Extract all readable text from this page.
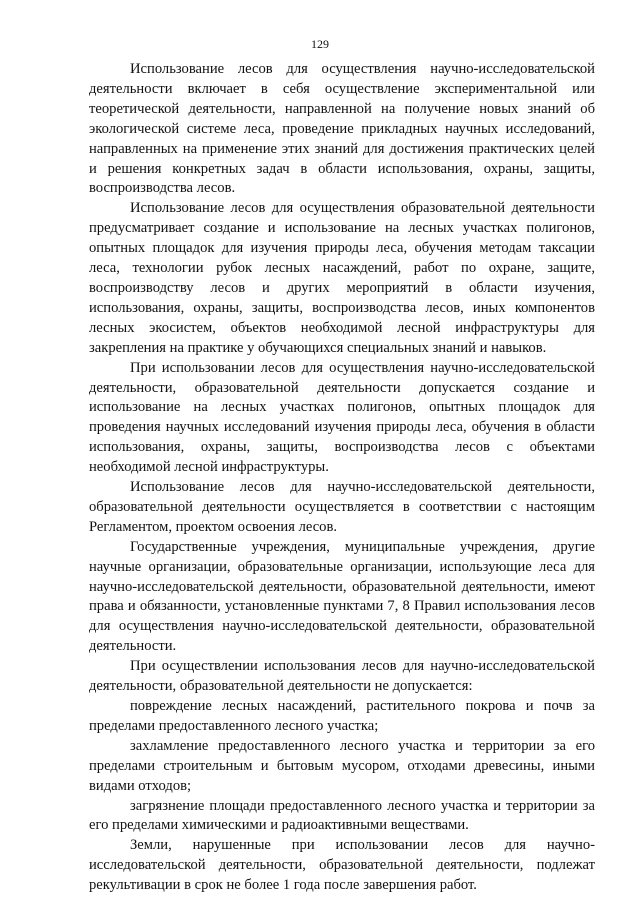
129

Использование лесов для осуществления научно-исследовательской деятельности включает в себя осуществление экспериментальной или теоретической деятельности, направленной на получение новых знаний об экологической системе леса, проведение прикладных научных исследований, направленных на применение этих знаний для достижения практических целей и решения конкретных задач в области использования, охраны, защиты, воспроизводства лесов.

Использование лесов для осуществления образовательной деятельности предусматривает создание и использование на лесных участках полигонов, опытных площадок для изучения природы леса, обучения методам таксации леса, технологии рубок лесных насаждений, работ по охране, защите, воспроизводству лесов и других мероприятий в области изучения, использования, охраны, защиты, воспроизводства лесов, иных компонентов лесных экосистем, объектов необходимой лесной инфраструктуры для закрепления на практике у обучающихся специальных знаний и навыков.

При использовании лесов для осуществления научно-исследовательской деятельности, образовательной деятельности допускается создание и использование на лесных участках полигонов, опытных площадок для проведения научных исследований изучения природы леса, обучения в области использования, охраны, защиты, воспроизводства лесов с объектами необходимой лесной инфраструктуры.

Использование лесов для научно-исследовательской деятельности, образовательной деятельности осуществляется в соответствии с настоящим Регламентом, проектом освоения лесов.

Государственные учреждения, муниципальные учреждения, другие научные организации, образовательные организации, использующие леса для научно-исследовательской деятельности, образовательной деятельности, имеют права и обязанности, установленные пунктами 7, 8 Правил использования лесов для осуществления научно-исследовательской деятельности, образовательной деятельности.

При осуществлении использования лесов для научно-исследовательской деятельности, образовательной деятельности не допускается:

повреждение лесных насаждений, растительного покрова и почв за пределами предоставленного лесного участка;

захламление предоставленного лесного участка и территории за его пределами строительным и бытовым мусором, отходами древесины, иными видами отходов;

загрязнение площади предоставленного лесного участка и территории за его пределами химическими и радиоактивными веществами.

Земли, нарушенные при использовании лесов для научно-исследовательской деятельности, образовательной деятельности, подлежат рекультивации в срок не более 1 года после завершения работ.
